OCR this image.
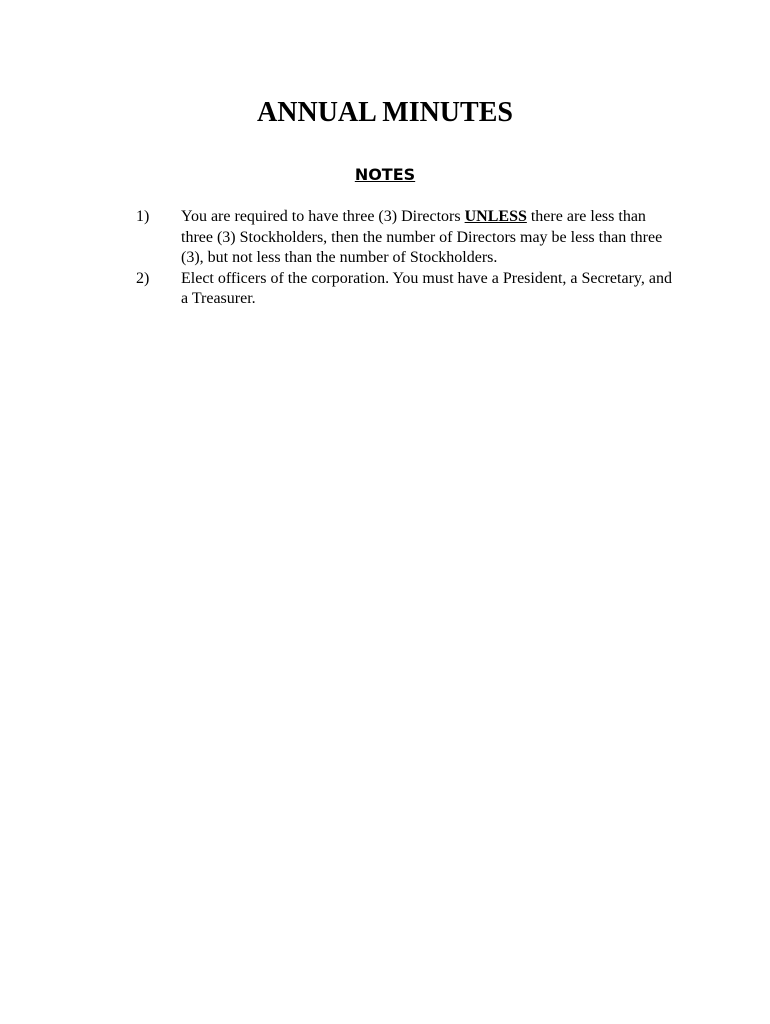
ANNUAL MINUTES
NOTES
1)	You are required to have three (3) Directors UNLESS there are less than three (3) Stockholders, then the number of Directors may be less than three (3), but not less than the number of Stockholders.
2)	Elect officers of the corporation. You must have a President, a Secretary, and a Treasurer.
